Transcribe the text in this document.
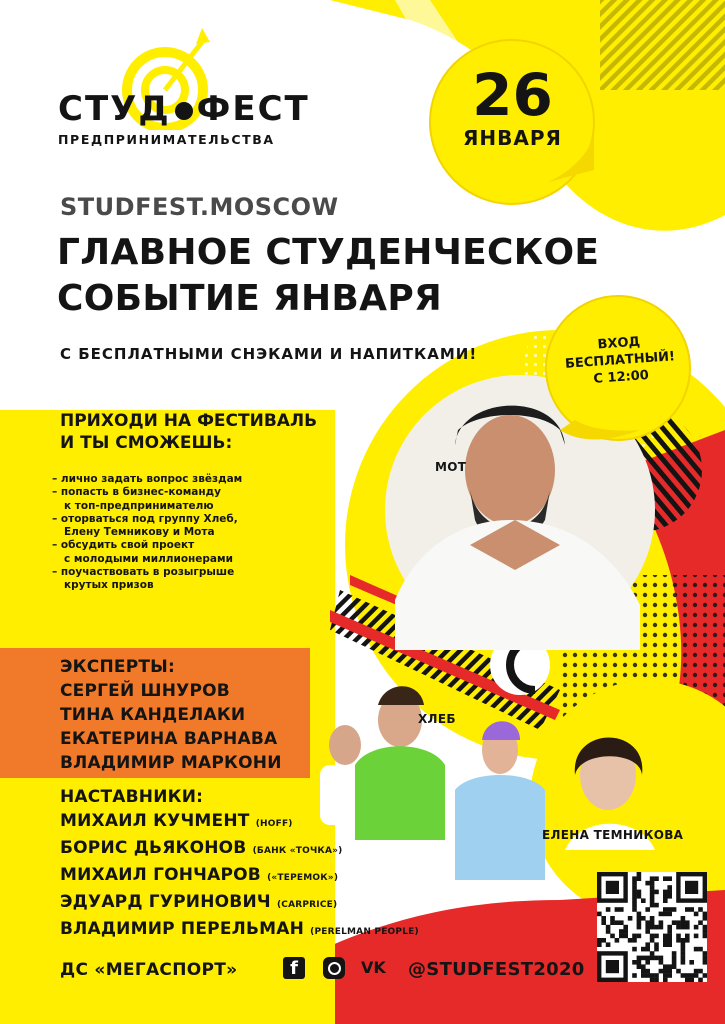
СТУД ФЕСТ
ПРЕДПРИНИМАТЕЛЬСТВА
26
ЯНВАРЯ
STUDFEST.MOSCOW
ГЛАВНОЕ СТУДЕНЧЕСКОЕ
СОБЫТИЕ ЯНВАРЯ
С БЕСПЛАТНЫМИ СНЭКАМИ И НАПИТКАМИ!
ВХОД
БЕСПЛАТНЫЙ!
С 12:00
ПРИХОДИ НА ФЕСТИВАЛЬ
И ТЫ СМОЖЕШЬ:
– лично задать вопрос звёздам
– попасть в бизнес-команду
к топ-предпринимателю
– оторваться под группу Хлеб,
Елену Темникову и Мота
– обсудить свой проект
с молодыми миллионерами
– поучаствовать в розыгрыше
крутых призов
МОТ
ХЛЕБ
ЕЛЕНА ТЕМНИКОВА
ЭКСПЕРТЫ:
СЕРГЕЙ ШНУРОВ
ТИНА КАНДЕЛАКИ
ЕКАТЕРИНА ВАРНАВА
ВЛАДИМИР МАРКОНИ
НАСТАВНИКИ:
МИХАИЛ КУЧМЕНТ (HOFF)
БОРИС ДЬЯКОНОВ (БАНК «ТОЧКА»)
МИХАИЛ ГОНЧАРОВ («ТЕРЕМОК»)
ЭДУАРД ГУРИНОВИЧ (CARPRICE)
ВЛАДИМИР ПЕРЕЛЬМАН (PERELMAN PEOPLE)
ДС «МЕГАСПОРТ»	f	VK @STUDFEST2020
